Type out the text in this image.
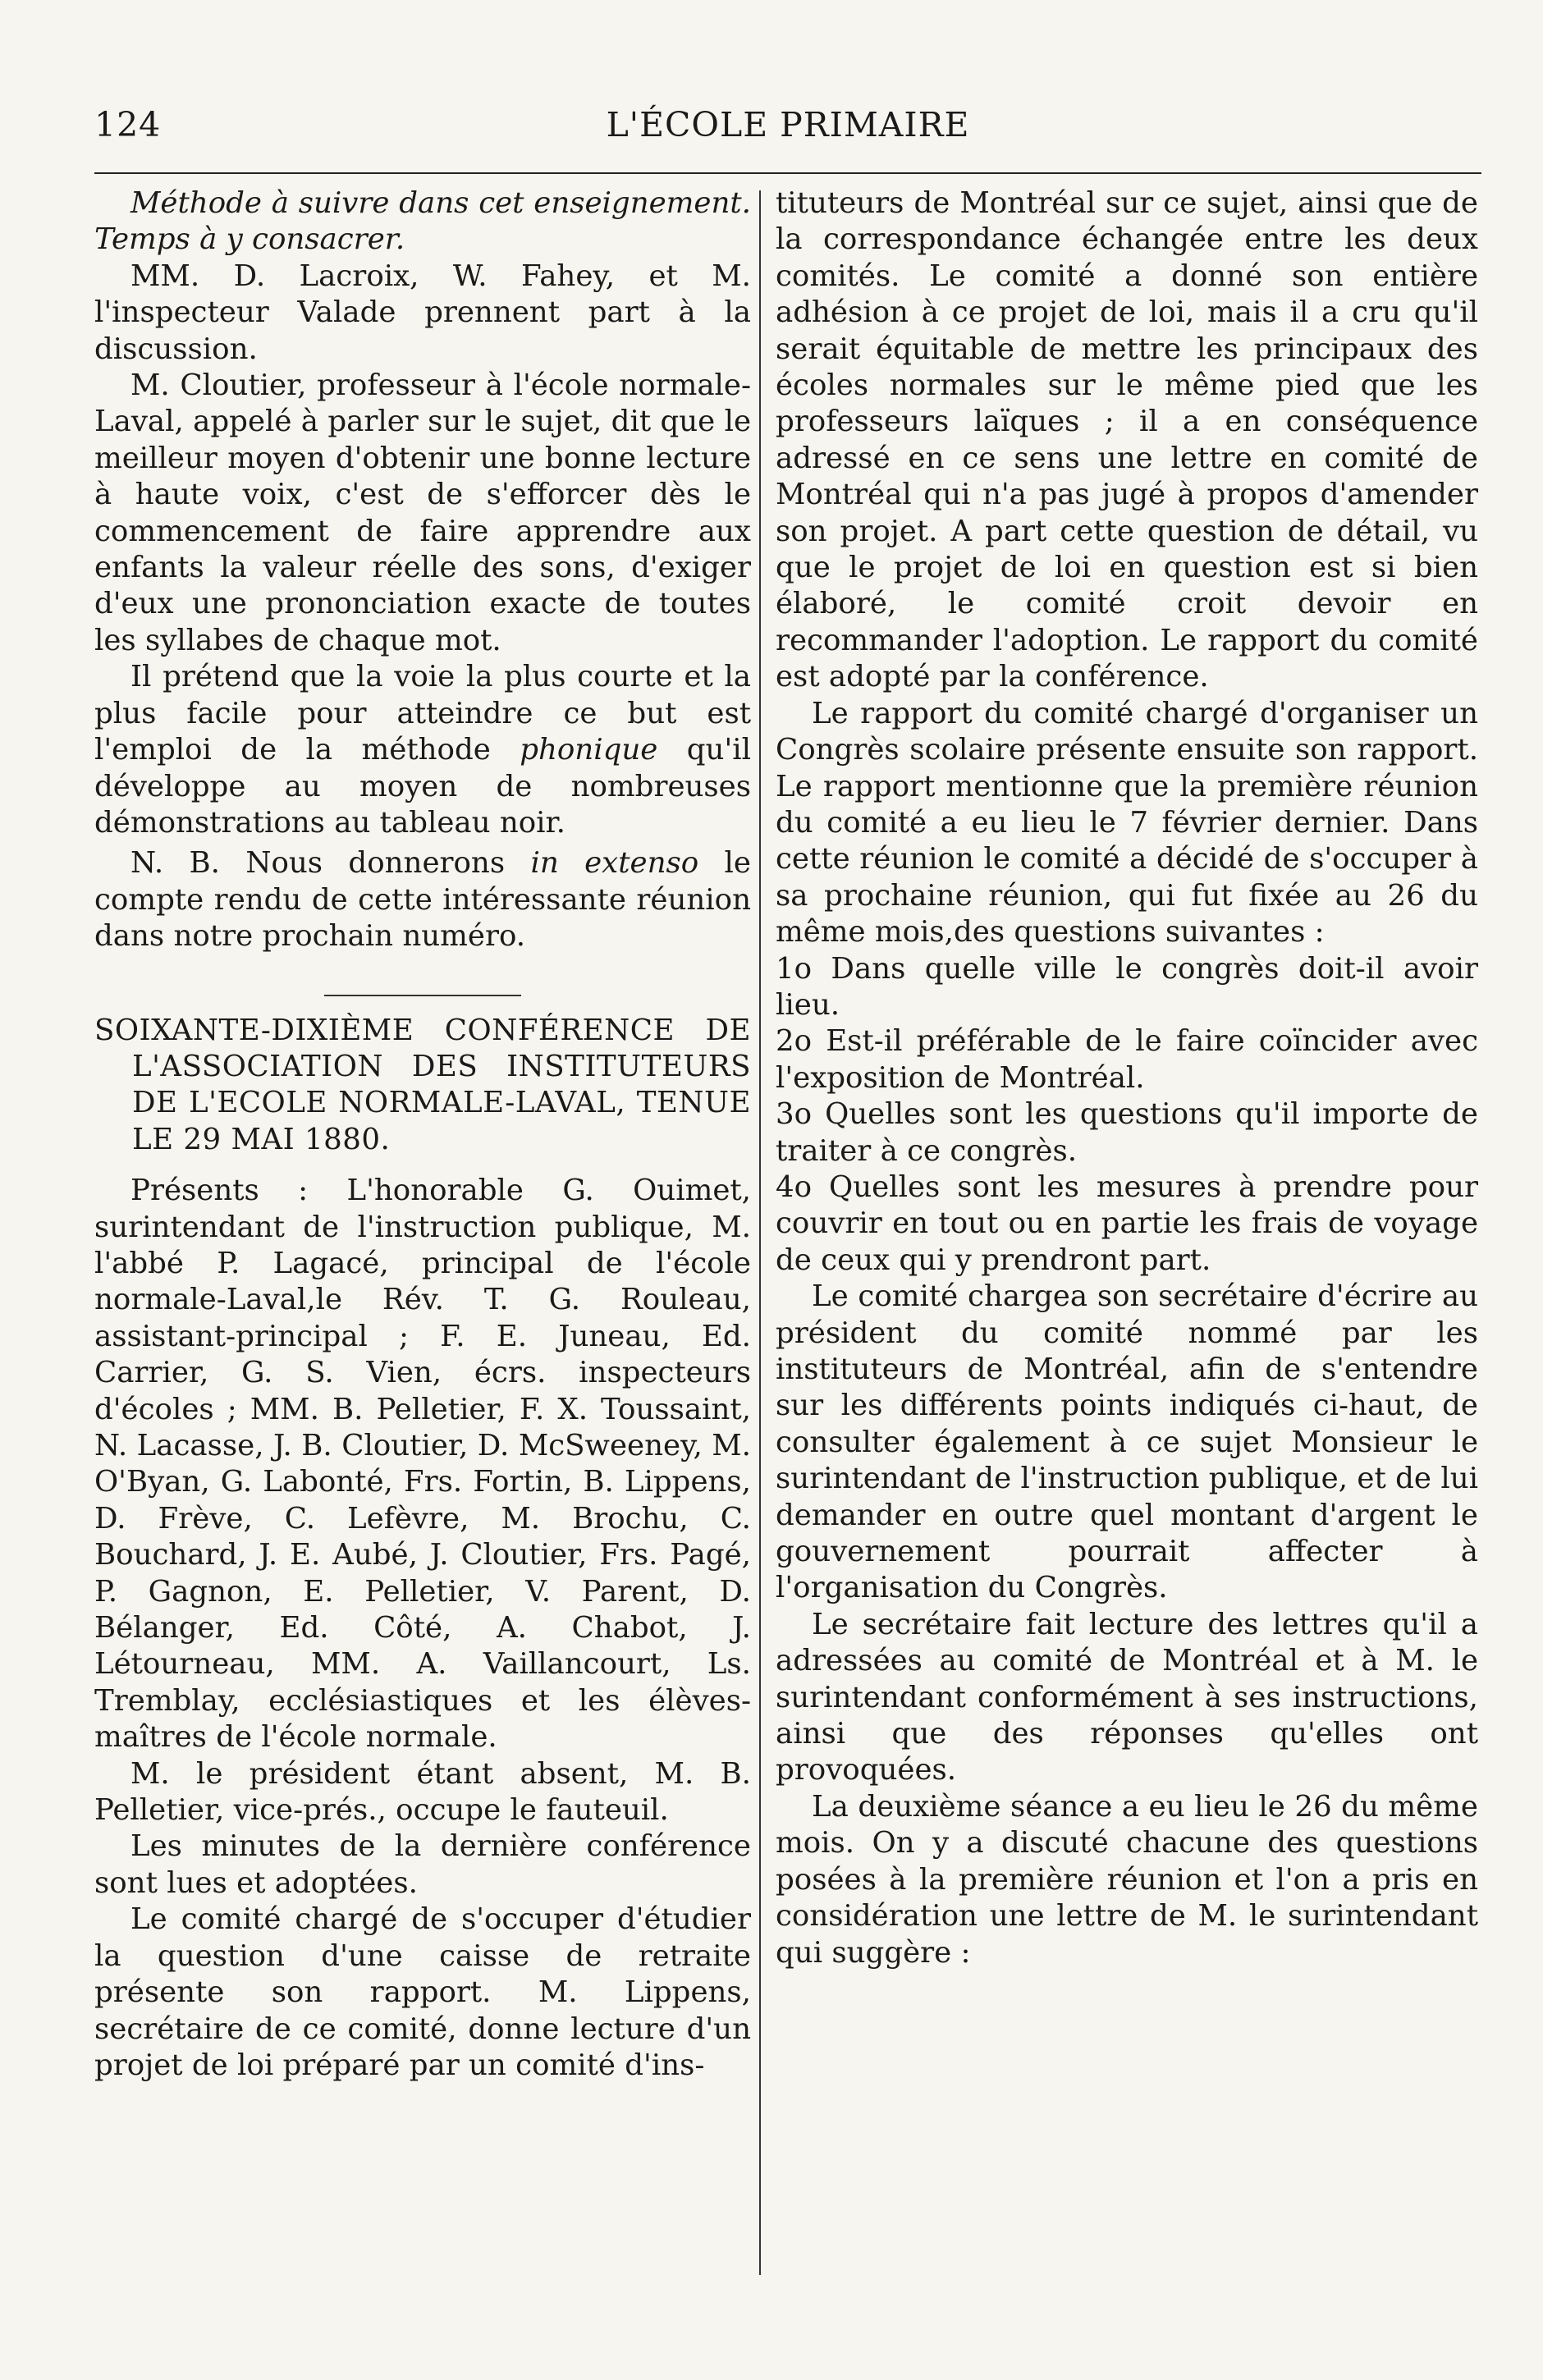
124	L'ÉCOLE PRIMAIRE

Méthode à suivre dans cet enseignement. Temps à y consacrer.

MM. D. Lacroix, W. Fahey, et M. l'inspecteur Valade prennent part à la discussion.

M. Cloutier, professeur à l'école normale-Laval, appelé à parler sur le sujet, dit que le meilleur moyen d'obtenir une bonne lecture à haute voix, c'est de s'efforcer dès le commencement de faire apprendre aux enfants la valeur réelle des sons, d'exiger d'eux une prononciation exacte de toutes les syllabes de chaque mot.

Il prétend que la voie la plus courte et la plus facile pour atteindre ce but est l'emploi de la méthode phonique qu'il développe au moyen de nombreuses démonstrations au tableau noir.

N. B. Nous donnerons in extenso le compte rendu de cette intéressante réunion dans notre prochain numéro.

SOIXANTE-DIXIÈME CONFÉRENCE DE L'ASSOCIATION DES INSTITUTEURS DE L'ECOLE NORMALE-LAVAL, TENUE LE 29 MAI 1880.

Présents : L'honorable G. Ouimet, surintendant de l'instruction publique, M. l'abbé P. Lagacé, principal de l'école normale-Laval,le Rév. T. G. Rouleau, assistant-principal ; F. E. Juneau, Ed. Carrier, G. S. Vien, écrs. inspecteurs d'écoles ; MM. B. Pelletier, F. X. Toussaint, N. Lacasse, J. B. Cloutier, D. McSweeney, M. O'Byan, G. Labonté, Frs. Fortin, B. Lippens, D. Frève, C. Lefèvre, M. Brochu, C. Bouchard, J. E. Aubé, J. Cloutier, Frs. Pagé, P. Gagnon, E. Pelletier, V. Parent, D. Bélanger, Ed. Côté, A. Chabot, J. Létourneau, MM. A. Vaillancourt, Ls. Tremblay, ecclésiastiques et les élèves-maîtres de l'école normale.

M. le président étant absent, M. B. Pelletier, vice-prés., occupe le fauteuil.

Les minutes de la dernière conférence sont lues et adoptées.

Le comité chargé de s'occuper d'étudier la question d'une caisse de retraite présente son rapport. M. Lippens, secrétaire de ce comité, donne lecture d'un projet de loi préparé par un comité d'ins-

tituteurs de Montréal sur ce sujet, ainsi que de la correspondance échangée entre les deux comités. Le comité a donné son entière adhésion à ce projet de loi, mais il a cru qu'il serait équitable de mettre les principaux des écoles normales sur le même pied que les professeurs laïques ; il a en conséquence adressé en ce sens une lettre en comité de Montréal qui n'a pas jugé à propos d'amender son projet. A part cette question de détail, vu que le projet de loi en question est si bien élaboré, le comité croit devoir en recommander l'adoption. Le rapport du comité est adopté par la conférence.

Le rapport du comité chargé d'organiser un Congrès scolaire présente ensuite son rapport. Le rapport mentionne que la première réunion du comité a eu lieu le 7 février dernier. Dans cette réunion le comité a décidé de s'occuper à sa prochaine réunion, qui fut fixée au 26 du même mois,des questions suivantes :

1o Dans quelle ville le congrès doit-il avoir lieu.

2o Est-il préférable de le faire coïncider avec l'exposition de Montréal.

3o Quelles sont les questions qu'il importe de traiter à ce congrès.

4o Quelles sont les mesures à prendre pour couvrir en tout ou en partie les frais de voyage de ceux qui y prendront part.

Le comité chargea son secrétaire d'écrire au président du comité nommé par les instituteurs de Montréal, afin de s'entendre sur les différents points indiqués ci-haut, de consulter également à ce sujet Monsieur le surintendant de l'instruction publique, et de lui demander en outre quel montant d'argent le gouvernement pourrait affecter à l'organisation du Congrès.

Le secrétaire fait lecture des lettres qu'il a adressées au comité de Montréal et à M. le surintendant conformément à ses instructions, ainsi que des réponses qu'elles ont provoquées.

La deuxième séance a eu lieu le 26 du même mois. On y a discuté chacune des questions posées à la première réunion et l'on a pris en considération une lettre de M. le surintendant qui suggère :
